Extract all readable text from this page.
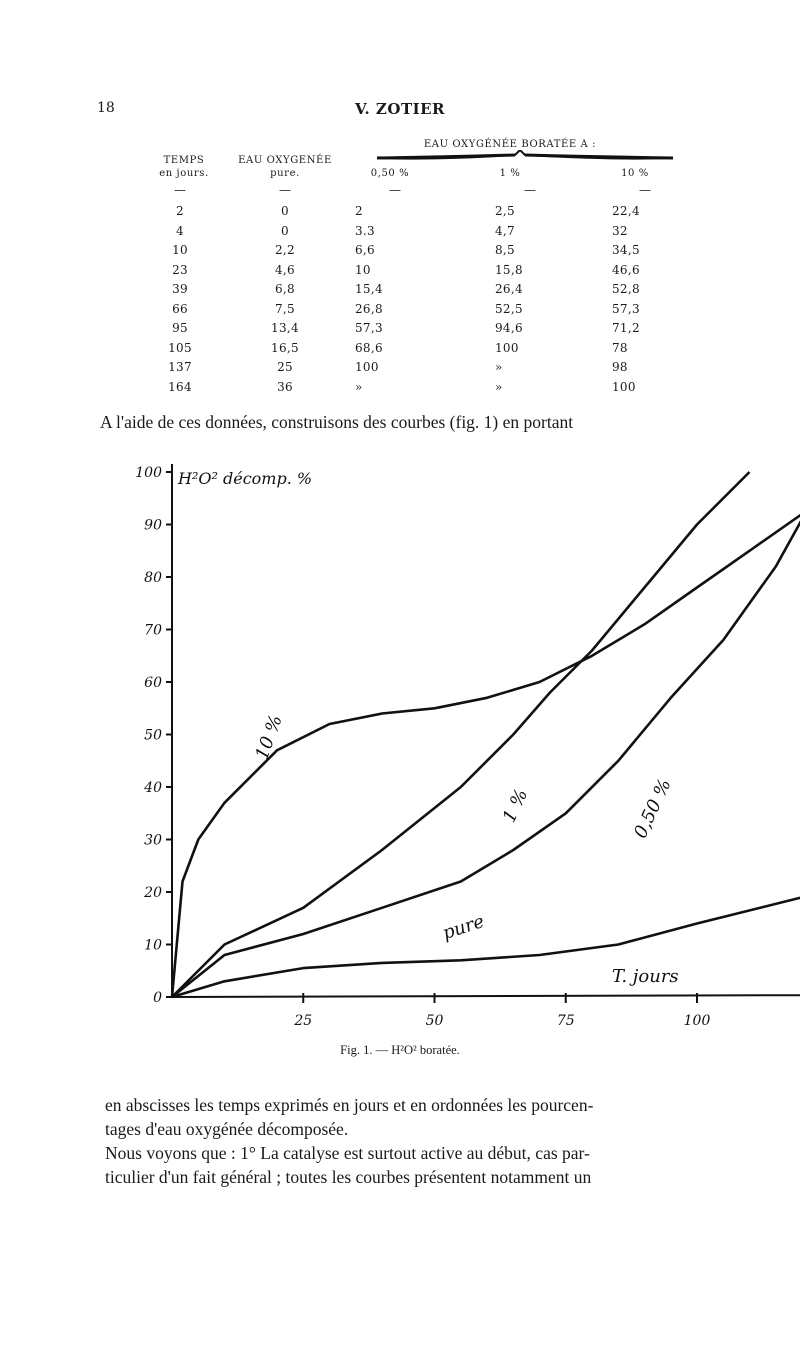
18	V. ZOTIER
EAU OXYGÉNÉE BORATÉE A :
TEMPS
en jours.
EAU OXYGENÉE
pure.	0,50 %	1 %	10 %
—	—	—	—	—
2	0	2	2,5	22,4
4	0	3.3	4,7	32
10	2,2	6,6	8,5	34,5
23	4,6	10	15,8	46,6
39	6,8	15,4	26,4	52,8
66	7,5	26,8	52,5	57,3
95	13,4	57,3	94,6	71,2
105	16,5	68,6	100	78
137	25	100	»	98
164	36	»	»	100
A l'aide de ces données, construisons des courbes (fig. 1) en portant
0
10
20
30
40
50
60
70
80
90
100
25	50	75	100
pure
0,50 %
1 %
10 %
H²O² décomp. %
T. jours
Fig. 1. — H²O² boratée.
en abscisses les temps exprimés en jours et en ordonnées les pourcen-
tages d'eau oxygénée décomposée.
Nous voyons que : 1° La catalyse est surtout active au début, cas par-
ticulier d'un fait général ; toutes les courbes présentent notamment un
